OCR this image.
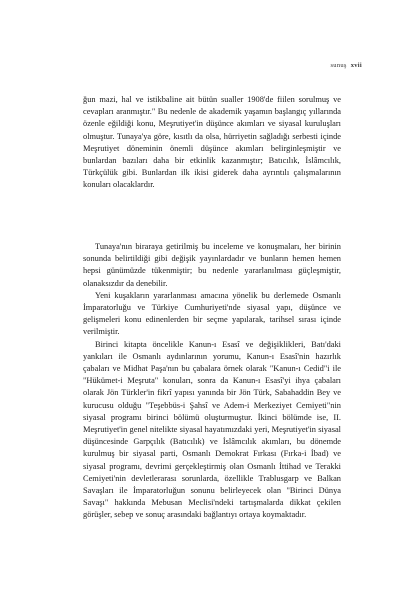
sunuş xvii

ğun mazi, hal ve istikbaline ait bütün sualler 1908'de fiilen sorulmuş ve cevapları aranmıştır." Bu nedenle de akademik yaşamın başlangıç yıllarında özenle eğildiği konu, Meşrutiyet'in düşünce akımları ve siyasal kuruluşları olmuştur. Tunaya'ya göre, kısıtlı da olsa, hürriyetin sağladığı serbesti içinde Meşrutiyet döneminin önemli düşünce akımları belirginleşmiştir ve bunlardan bazıları daha bir etkinlik kazanmıştır; Batıcılık, İslâmcılık, Türkçülük gibi. Bunlardan ilk ikisi giderek daha ayrıntılı çalışmalarının konuları olacaklardır.

Tunaya'nın biraraya getirilmiş bu inceleme ve konuşmaları, her birinin sonunda belirtildiği gibi değişik yayınlardadır ve bunların hemen hemen hepsi günümüzde tükenmiştir; bu nedenle yararlanılması güçleşmiştir, olanaksızdır da denebilir.

Yeni kuşakların yararlanması amacına yönelik bu derlemede Osmanlı İmparatorluğu ve Türkiye Cumhuriyeti'nde siyasal yapı, düşünce ve gelişmeleri konu edinenlerden bir seçme yapılarak, tarihsel sırası içinde verilmiştir.

Birinci kitapta öncelikle Kanun-ı Esasî ve değişiklikleri, Batı'daki yankıları ile Osmanlı aydınlarının yorumu, Kanun-ı Esasî'nin hazırlık çabaları ve Midhat Paşa'nın bu çabalara örnek olarak "Kanun-ı Cedid"i ile "Hükümet-i Meşruta" konuları, sonra da Kanun-ı Esasî'yi ihya çabaları olarak Jön Türkler'in fikrî yapısı yanında bir Jön Türk, Sabahaddin Bey ve kurucusu olduğu "Teşebbüs-i Şahsî ve Adem-i Merkeziyet Cemiyeti"nin siyasal programı birinci bölümü oluşturmuştur. İkinci bölümde ise, II. Meşrutiyet'in genel nitelikte siyasal hayatımızdaki yeri, Meşrutiyet'in siyasal düşüncesinde Garpçılık (Batıcılık) ve İslâmcılık akımları, bu dönemde kurulmuş bir siyasal parti, Osmanlı Demokrat Fırkası (Fırka-i İbad) ve siyasal programı, devrimi gerçekleştirmiş olan Osmanlı İttihad ve Terakki Cemiyeti'nin devletlerarası sorunlarda, özellikle Trablusgarp ve Balkan Savaşları ile İmparatorluğun sonunu belirleyecek olan "Birinci Dünya Savaşı" hakkında Mebusan Meclisi'ndeki tartışmalarda dikkat çekilen görüşler, sebep ve sonuç arasındaki bağlantıyı ortaya koymaktadır.
